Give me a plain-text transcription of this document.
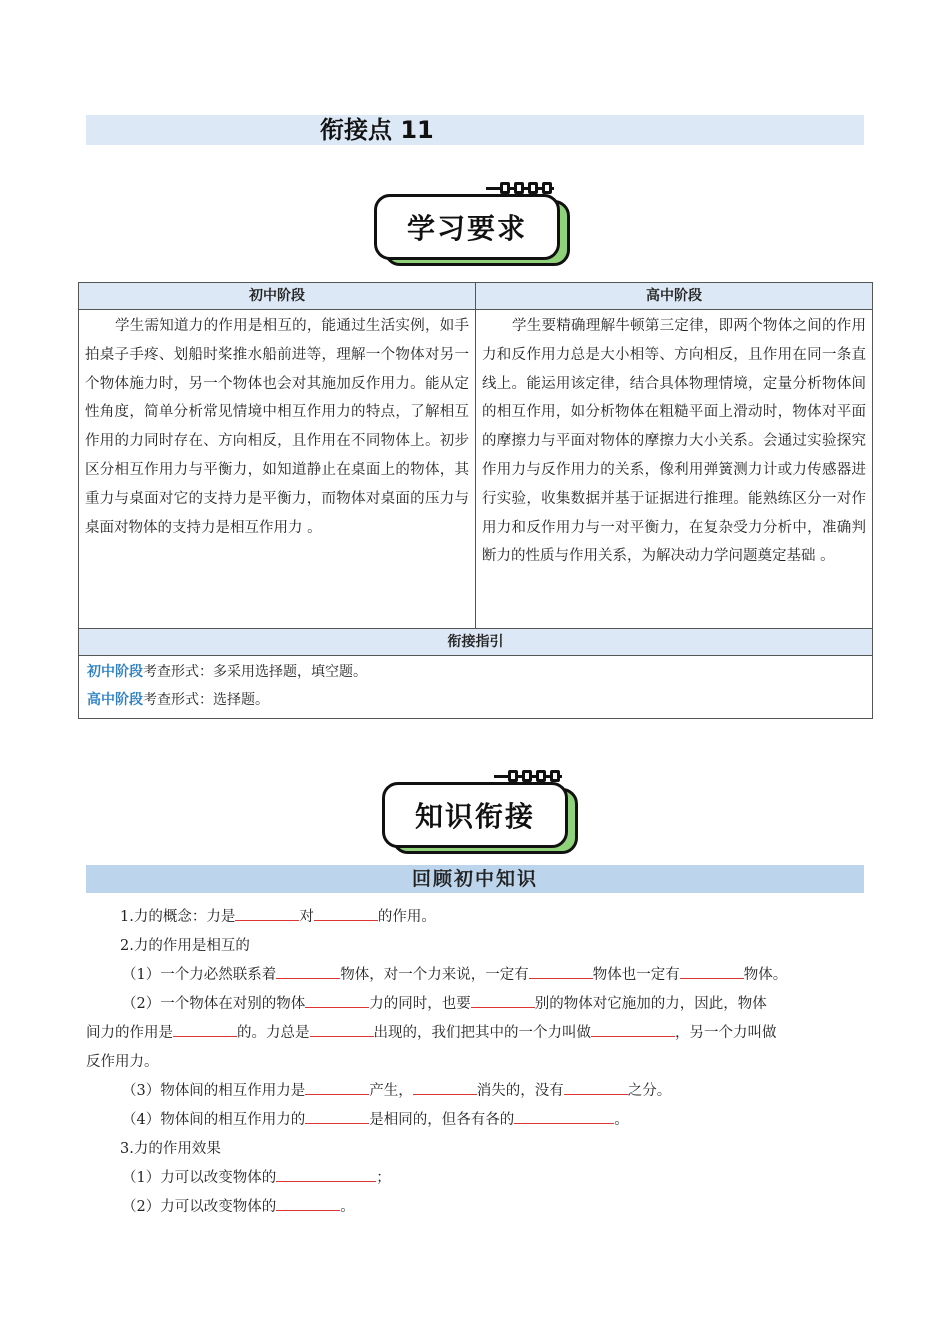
衔接点 11
学习要求
初中阶段	高中阶段
学生需知道力的作用是相互的，能通过生活实例，如手拍桌子手疼、划船时桨推水船前进等，理解一个物体对另一个物体施力时，另一个物体也会对其施加反作用力。能从定性角度，简单分析常见情境中相互作用力的特点，了解相互作用的力同时存在、方向相反，且作用在不同物体上。初步区分相互作用力与平衡力，如知道静止在桌面上的物体，其重力与桌面对它的支持力是平衡力，而物体对桌面的压力与桌面对物体的支持力是相互作用力 。	学生要精确理解牛顿第三定律，即两个物体之间的作用力和反作用力总是大小相等、方向相反，且作用在同一条直线上。能运用该定律，结合具体物理情境，定量分析物体间的相互作用，如分析物体在粗糙平面上滑动时，物体对平面的摩擦力与平面对物体的摩擦力大小关系。会通过实验探究作用力与反作用力的关系，像利用弹簧测力计或力传感器进行实验，收集数据并基于证据进行推理。能熟练区分一对作用力和反作用力与一对平衡力，在复杂受力分析中，准确判断力的性质与作用关系，为解决动力学问题奠定基础 。
衔接指引	

初中阶段考查形式：多采用选择题，填空题。
高中阶段考查形式：选择题。	
知识衔接
回顾初中知识

1.力的概念：力是	对	的作用。

2.力的作用是相互的

（1）一个力必然联系着	物体，对一个力来说，一定有	物体也一定有	物体。

（2）一个物体在对别的物体	力的同时，也要	别的物体对它施加的力，因此，物体

间力的作用是	的。力总是	出现的，我们把其中的一个力叫做	，另一个力叫做

反作用力。

（3）物体间的相互作用力是	产生，	消失的，没有	之分。

（4）物体间的相互作用力的	是相同的，但各有各的	。

3.力的作用效果

（1）力可以改变物体的	；

（2）力可以改变物体的	。
